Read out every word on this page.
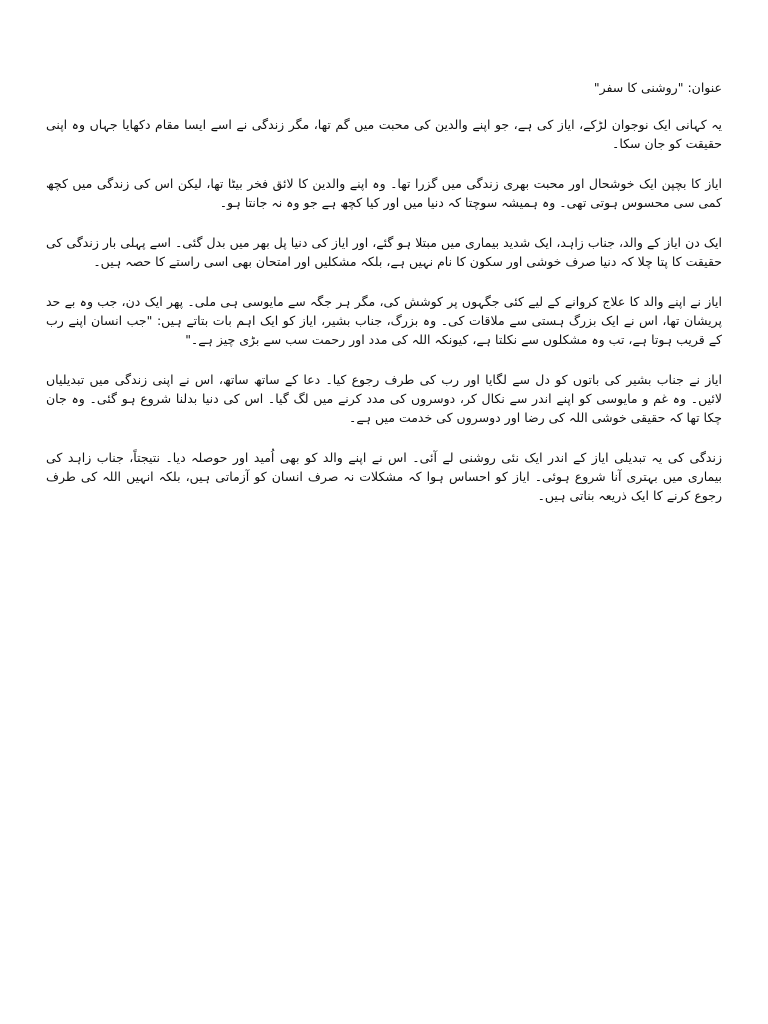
عنوان: "روشنی کا سفر"

یہ کہانی ایک نوجوان لڑکے، ایاز کی ہے، جو اپنے والدین کی محبت میں گم تھا، مگر زندگی نے اسے ایسا مقام دکھایا جہاں وہ اپنی حقیقت کو جان سکا۔

ایاز کا بچپن ایک خوشحال اور محبت بھری زندگی میں گزرا تھا۔ وہ اپنے والدین کا لائق فخر بیٹا تھا، لیکن اس کی زندگی میں کچھ کمی سی محسوس ہوتی تھی۔ وہ ہمیشہ سوچتا کہ دنیا میں اور کیا کچھ ہے جو وہ نہ جانتا ہو۔

ایک دن ایاز کے والد، جناب زاہد، ایک شدید بیماری میں مبتلا ہو گئے، اور ایاز کی دنیا پل بھر میں بدل گئی۔ اسے پہلی بار زندگی کی حقیقت کا پتا چلا کہ دنیا صرف خوشی اور سکون کا نام نہیں ہے، بلکہ مشکلیں اور امتحان بھی اسی راستے کا حصہ ہیں۔

ایاز نے اپنے والد کا علاج کروانے کے لیے کئی جگہوں پر کوشش کی، مگر ہر جگہ سے مایوسی ہی ملی۔ پھر ایک دن، جب وہ بے حد پریشان تھا، اس نے ایک بزرگ ہستی سے ملاقات کی۔ وہ بزرگ، جناب بشیر، ایاز کو ایک اہم بات بتاتے ہیں: "جب انسان اپنے رب کے قریب ہوتا ہے، تب وہ مشکلوں سے نکلتا ہے، کیونکہ اللہ کی مدد اور رحمت سب سے بڑی چیز ہے۔"

ایاز نے جناب بشیر کی باتوں کو دل سے لگایا اور رب کی طرف رجوع کیا۔ دعا کے ساتھ ساتھ، اس نے اپنی زندگی میں تبدیلیاں لائیں۔ وہ غم و مایوسی کو اپنے اندر سے نکال کر، دوسروں کی مدد کرنے میں لگ گیا۔ اس کی دنیا بدلنا شروع ہو گئی۔ وہ جان چکا تھا کہ حقیقی خوشی اللہ کی رضا اور دوسروں کی خدمت میں ہے۔

زندگی کی یہ تبدیلی ایاز کے اندر ایک نئی روشنی لے آئی۔ اس نے اپنے والد کو بھی اُمید اور حوصلہ دیا۔ نتیجتاً، جناب زاہد کی بیماری میں بہتری آنا شروع ہوئی۔ ایاز کو احساس ہوا کہ مشکلات نہ صرف انسان کو آزماتی ہیں، بلکہ انہیں اللہ کی طرف رجوع کرنے کا ایک ذریعہ بناتی ہیں۔
